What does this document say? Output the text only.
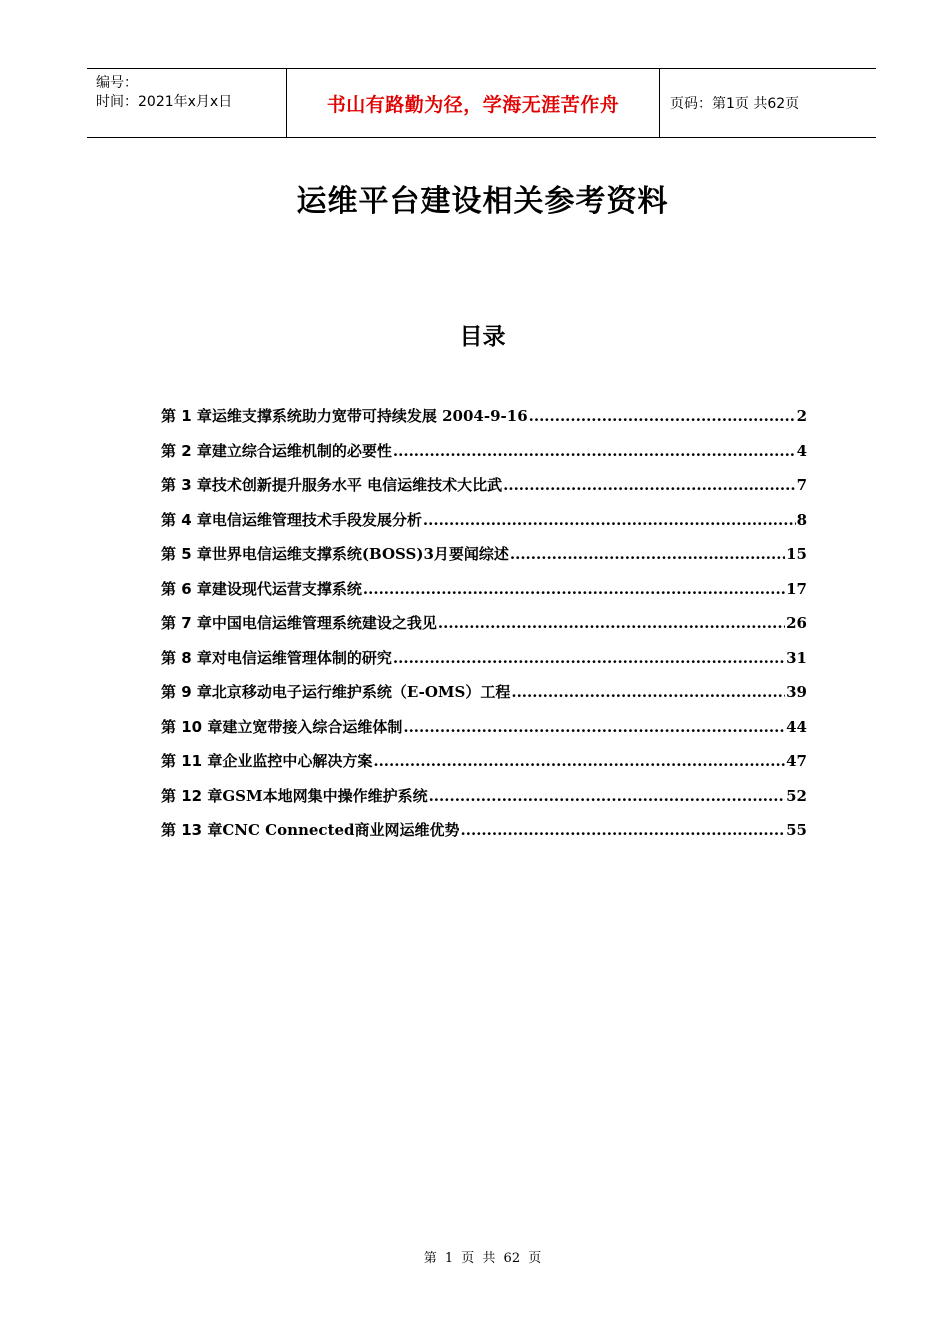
编号：
时间：2021年x月x日	书山有路勤为径，学海无涯苦作舟	页码：第1页 共62页
运维平台建设相关参考资料
目录
第 1 章 运维支撑系统助力宽带可持续发展 2004-9-16 .....	2
第 2 章 建立综合运维机制的必要性 .....	4
第 3 章 技术创新提升服务水平 电信运维技术大比武 .....	7
第 4 章 电信运维管理技术手段发展分析 .....	8
第 5 章 世界电信运维支撑系统(BOSS)3月要闻综述 .....	15
第 6 章 建设现代运营支撑系统 .....	17
第 7 章 中国电信运维管理系统建设之我见 .....	26
第 8 章 对电信运维管理体制的研究 .....	31
第 9 章 北京移动电子运行维护系统（E-OMS）工程 .....	39
第 10 章 建立宽带接入综合运维体制 .....	44
第 11 章 企业监控中心解决方案 .....	47
第 12 章 GSM本地网集中操作维护系统 .....	52
第 13 章 CNC Connected商业网运维优势 .....	55
第 1 页 共 62 页
